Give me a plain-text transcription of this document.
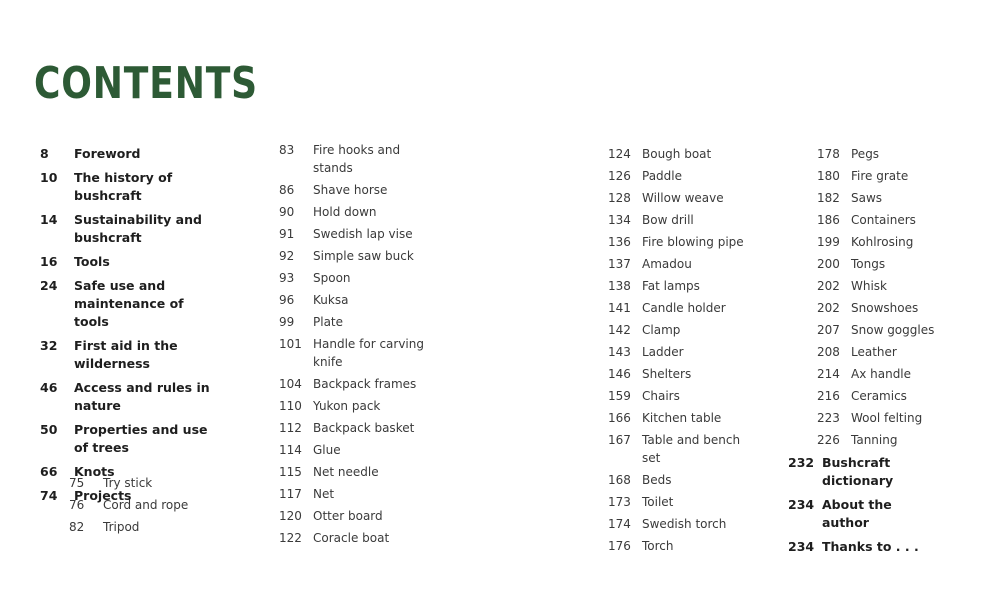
CONTENTS
8	Foreword
10	The history of bushcraft
14	Sustainability and bushcraft
16	Tools
24	Safe use and maintenance of tools
32	First aid in the wilderness
46	Access and rules in nature
50	Properties and use of trees
66	Knots
74	Projects
75	Try stick
76	Cord and rope
82	Tripod
83	Fire hooks and stands
86	Shave horse
90	Hold down
91	Swedish lap vise
92	Simple saw buck
93	Spoon
96	Kuksa
99	Plate
101 Handle for carving knife
104 Backpack frames
110 Yukon pack
112 Backpack basket
114 Glue
115 Net needle
117 Net
120 Otter board
122 Coracle boat
124 Bough boat
126 Paddle
128 Willow weave
134 Bow drill
136 Fire blowing pipe
137 Amadou
138 Fat lamps
141 Candle holder
142 Clamp
143 Ladder
146 Shelters
159 Chairs
166 Kitchen table
167 Table and bench set
168 Beds
173 Toilet
174 Swedish torch
176 Torch
178 Pegs
180 Fire grate
182 Saws
186 Containers
199 Kohlrosing
200 Tongs
202 Whisk
202 Snowshoes
207 Snow goggles
208 Leather
214 Ax handle
216 Ceramics
223 Wool felting
226 Tanning
232 Bushcraft dictionary
234 About the author
234 Thanks to . . .
